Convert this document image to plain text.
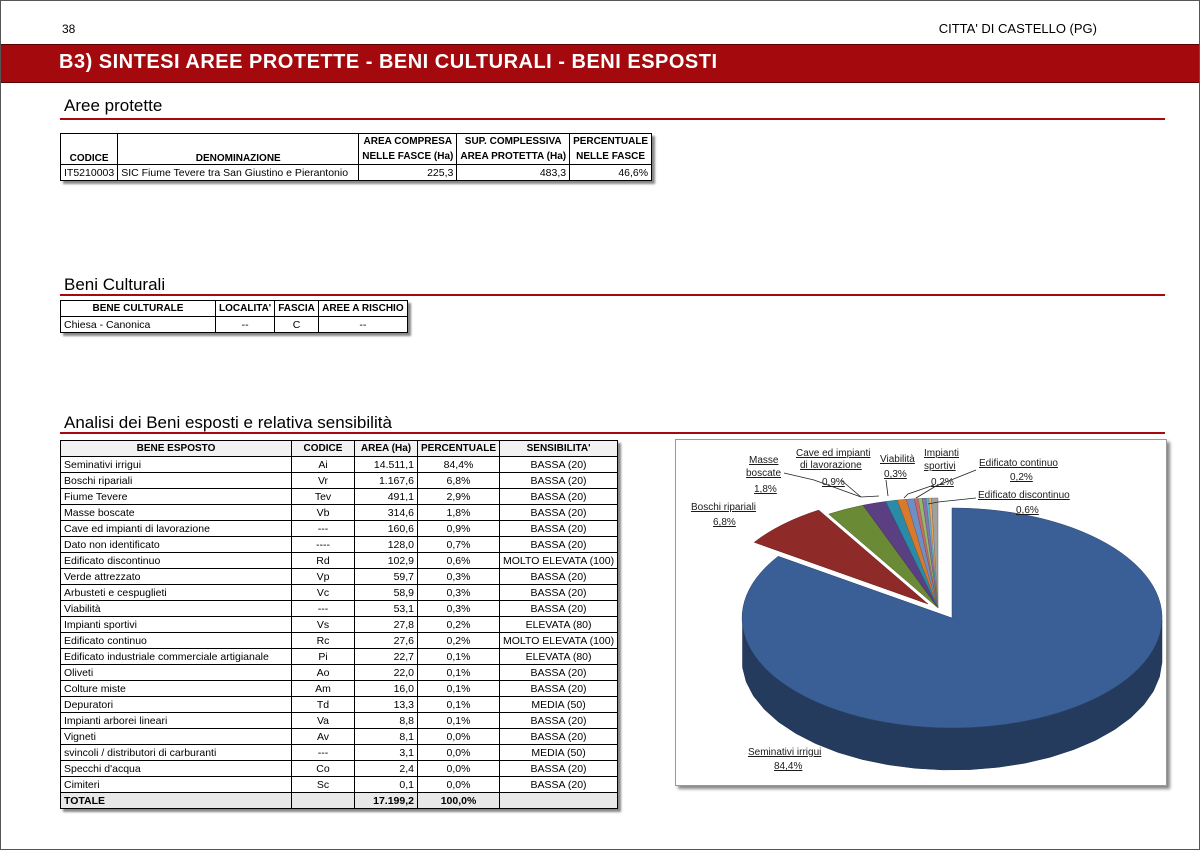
38	CITTA' DI CASTELLO (PG)
B3) SINTESI AREE PROTETTE - BENI CULTURALI - BENI ESPOSTI
Aree protette
CODICE	DENOMINAZIONE	AREA COMPRESA	SUP. COMPLESSIVA	PERCENTUALE
		NELLE FASCE (Ha)	AREA PROTETTA (Ha)	NELLE FASCE
IT5210003	SIC Fiume Tevere tra San Giustino e Pierantonio	225,3	483,3	46,6%
Beni Culturali
BENE CULTURALE	LOCALITA'	FASCIA	AREE A RISCHIO
Chiesa - Canonica	--	C	--
Analisi dei Beni esposti e relativa sensibilità
BENE ESPOSTO	CODICE	AREA (Ha)	PERCENTUALE	SENSIBILITA'
Seminativi irrigui	Ai	14.511,1	84,4%	BASSA (20)
Boschi ripariali	Vr	1.167,6	6,8%	BASSA (20)
Fiume Tevere	Tev	491,1	2,9%	BASSA (20)
Masse boscate	Vb	314,6	1,8%	BASSA (20)
Cave ed impianti di lavorazione	---	160,6	0,9%	BASSA (20)
Dato non identificato	----	128,0	0,7%	BASSA (20)
Edificato discontinuo	Rd	102,9	0,6%	MOLTO ELEVATA (100)
Verde attrezzato	Vp	59,7	0,3%	BASSA (20)
Arbusteti e cespuglieti	Vc	58,9	0,3%	BASSA (20)
Viabilità	---	53,1	0,3%	BASSA (20)
Impianti sportivi	Vs	27,8	0,2%	ELEVATA (80)
Edificato continuo	Rc	27,6	0,2%	MOLTO ELEVATA (100)
Edificato industriale commerciale artigianale	Pi	22,7	0,1%	ELEVATA (80)
Oliveti	Ao	22,0	0,1%	BASSA (20)
Colture miste	Am	16,0	0,1%	BASSA (20)
Depuratori	Td	13,3	0,1%	MEDIA (50)
Impianti arborei lineari	Va	8,8	0,1%	BASSA (20)
Vigneti	Av	8,1	0,0%	BASSA (20)
svincoli / distributori di carburanti	---	3,1	0,0%	MEDIA (50)
Specchi d'acqua	Co	2,4	0,0%	BASSA (20)
Cimiteri	Sc	0,1	0,0%	BASSA (20)
TOTALE		17.199,2	100,0%	
Masse
boscate
1,8%
Cave ed impianti
di lavorazione
0,9%
Viabilità
0,3%
Impianti
sportivi
0,2%
Edificato continuo
0,2%
Edificato discontinuo
0,6%
Boschi ripariali
6,8%
Seminativi irrigui
84,4%
